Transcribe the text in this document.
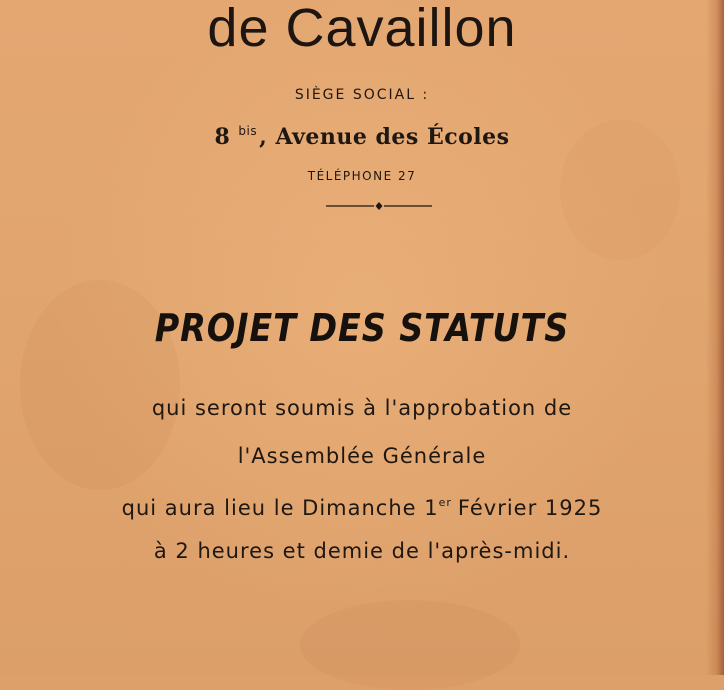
de Cavaillon
SIÈGE SOCIAL :
8 $^{bis}$, Avenue des Écoles
TÉLÉPHONE 27
PROJET DES STATUTS
qui seront soumis à l'approbation de
l'Assemblée Générale
qui aura lieu le Dimanche 1er Février 1925
à 2 heures et demie de l'après-midi.
